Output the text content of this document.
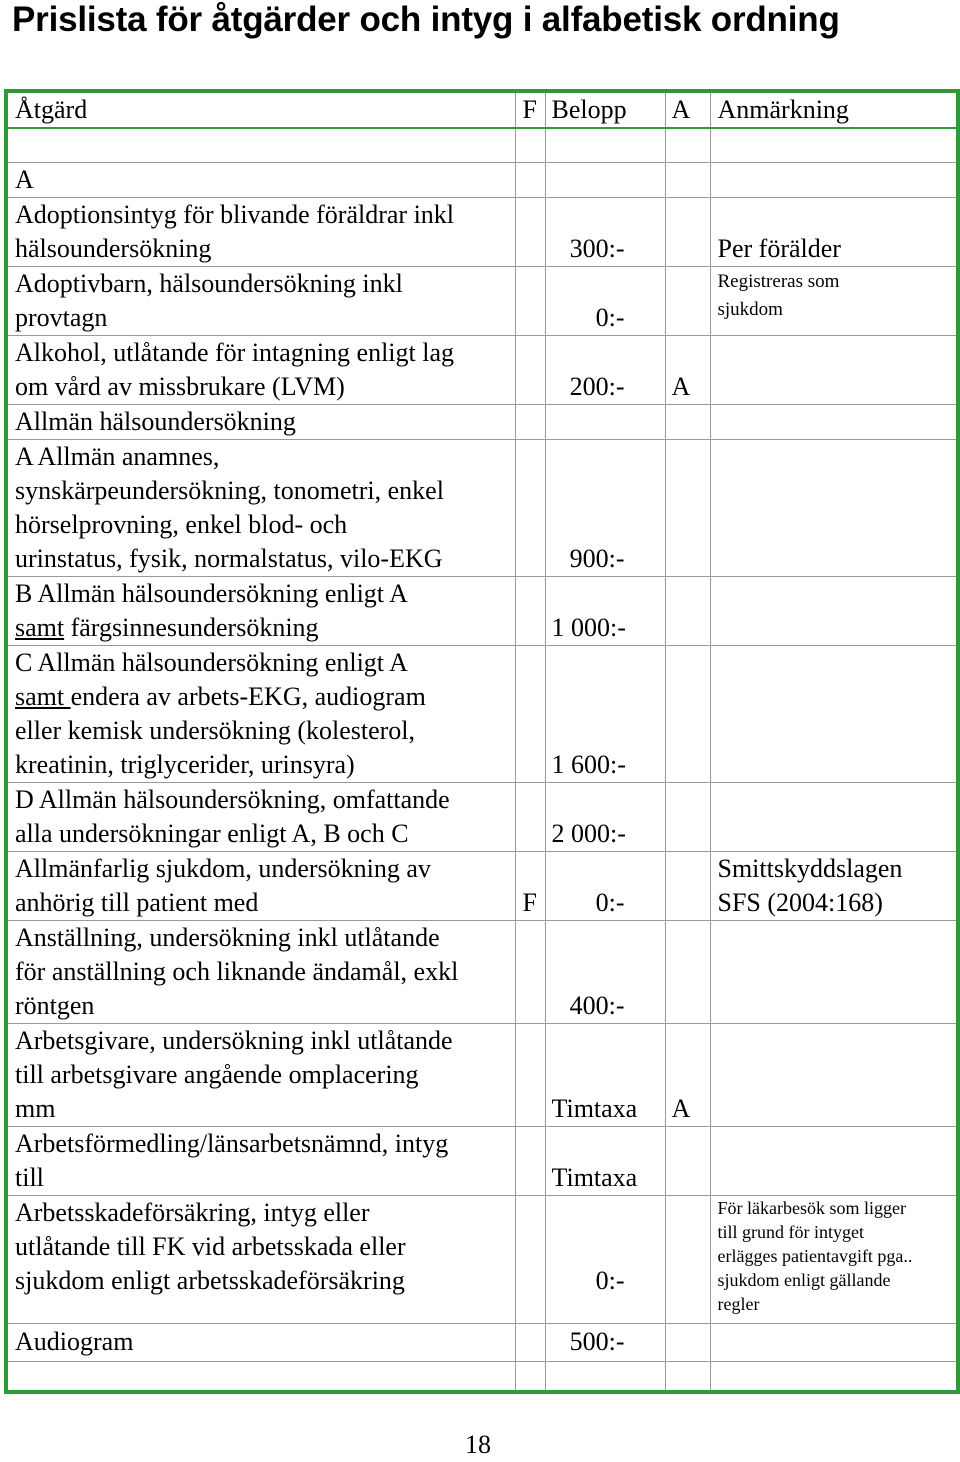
Prislista för åtgärder och intyg i alfabetisk ordning
Åtgärd	F	Belopp	A	Anmärkning

A				

Adoptionsintyg för blivande föräldrar inkl
hälsoundersökning		300:-		Per förälder

Adoptivbarn, hälsoundersökning inkl
provtagn		0:-		Registreras som
sjukdom

Alkohol, utlåtande för intagning enligt lag
om vård av missbrukare (LVM)		200:-	A	
Allmän hälsoundersökning				

A Allmän anamnes,
synskärpeundersökning, tonometri, enkel
hörselprovning, enkel blod- och
urinstatus, fysik, normalstatus, vilo-EKG		900:-		

B Allmän hälsoundersökning enligt A
samt färgsinnesundersökning		1 000:-		

C Allmän hälsoundersökning enligt A
samt endera av arbets-EKG, audiogram
eller kemisk undersökning (kolesterol,
kreatinin, triglycerider, urinsyra)		1 600:-		

D Allmän hälsoundersökning, omfattande
alla undersökningar enligt A, B och C		2 000:-		

Allmänfarlig sjukdom, undersökning av
anhörig till patient med	F	0:-		Smittskyddslagen
SFS (2004:168)

Anställning, undersökning inkl utlåtande
för anställning och liknande ändamål, exkl
röntgen		400:-		

Arbetsgivare, undersökning inkl utlåtande
till arbetsgivare angående omplacering
mm		Timtaxa	A	

Arbetsförmedling/länsarbetsnämnd, intyg
till		Timtaxa		

Arbetsskadeförsäkring, intyg eller
utlåtande till FK vid arbetsskada eller
sjukdom enligt arbetsskadeförsäkring		0:-		För läkarbesök som ligger
till grund för intyget
erlägges patientavgift pga..
sjukdom enligt gällande
regler

Audiogram		500:-		

18
